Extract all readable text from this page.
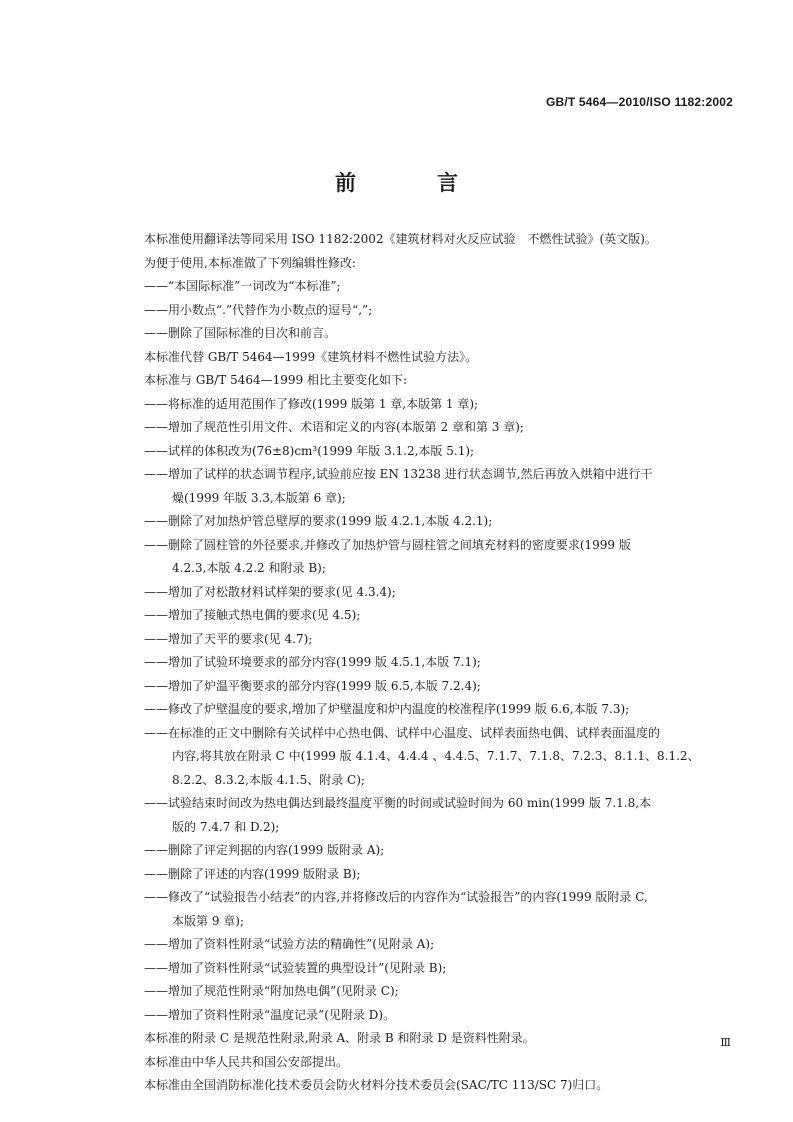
GB/T 5464—2010/ISO 1182:2002
前　言
本标准使用翻译法等同采用 ISO 1182:2002《建筑材料对火反应试验　不燃性试验》(英文版)。
为便于使用,本标准做了下列编辑性修改:
——“本国际标准”一词改为“本标准”;
——用小数点“.”代替作为小数点的逗号“,”;
——删除了国际标准的目次和前言。
本标准代替 GB/T 5464—1999《建筑材料不燃性试验方法》。
本标准与 GB/T 5464—1999 相比主要变化如下:
——将标准的适用范围作了修改(1999 版第 1 章,本版第 1 章);
——增加了规范性引用文件、术语和定义的内容(本版第 2 章和第 3 章);
——试样的体积改为(76±8)cm³(1999 年版 3.1.2,本版 5.1);
——增加了试样的状态调节程序,试验前应按 EN 13238 进行状态调节,然后再放入烘箱中进行干
燥(1999 年版 3.3,本版第 6 章);
——删除了对加热炉管总壁厚的要求(1999 版 4.2.1,本版 4.2.1);
——删除了圆柱管的外径要求,并修改了加热炉管与圆柱管之间填充材料的密度要求(1999 版
4.2.3,本版 4.2.2 和附录 B);
——增加了对松散材料试样架的要求(见 4.3.4);
——增加了接触式热电偶的要求(见 4.5);
——增加了天平的要求(见 4.7);
——增加了试验环境要求的部分内容(1999 版 4.5.1,本版 7.1);
——增加了炉温平衡要求的部分内容(1999 版 6.5,本版 7.2.4);
——修改了炉壁温度的要求,增加了炉壁温度和炉内温度的校准程序(1999 版 6.6,本版 7.3);
——在标准的正文中删除有关试样中心热电偶、试样中心温度、试样表面热电偶、试样表面温度的
内容,将其放在附录 C 中(1999 版 4.1.4、4.4.4 、4.4.5、7.1.7、7.1.8、7.2.3、8.1.1、8.1.2、
8.2.2、8.3.2,本版 4.1.5、附录 C);
——试验结束时间改为热电偶达到最终温度平衡的时间或试验时间为 60 min(1999 版 7.1.8,本
版的 7.4.7 和 D.2);
——删除了评定判据的内容(1999 版附录 A);
——删除了评述的内容(1999 版附录 B);
——修改了“试验报告小结表”的内容,并将修改后的内容作为“试验报告”的内容(1999 版附录 C,
本版第 9 章);
——增加了资料性附录“试验方法的精确性”(见附录 A);
——增加了资料性附录“试验装置的典型设计”(见附录 B);
——增加了规范性附录“附加热电偶”(见附录 C);
——增加了资料性附录“温度记录”(见附录 D)。
本标准的附录 C 是规范性附录,附录 A、附录 B 和附录 D 是资料性附录。
本标准由中华人民共和国公安部提出。
本标准由全国消防标准化技术委员会防火材料分技术委员会(SAC/TC 113/SC 7)归口。
Ⅲ
